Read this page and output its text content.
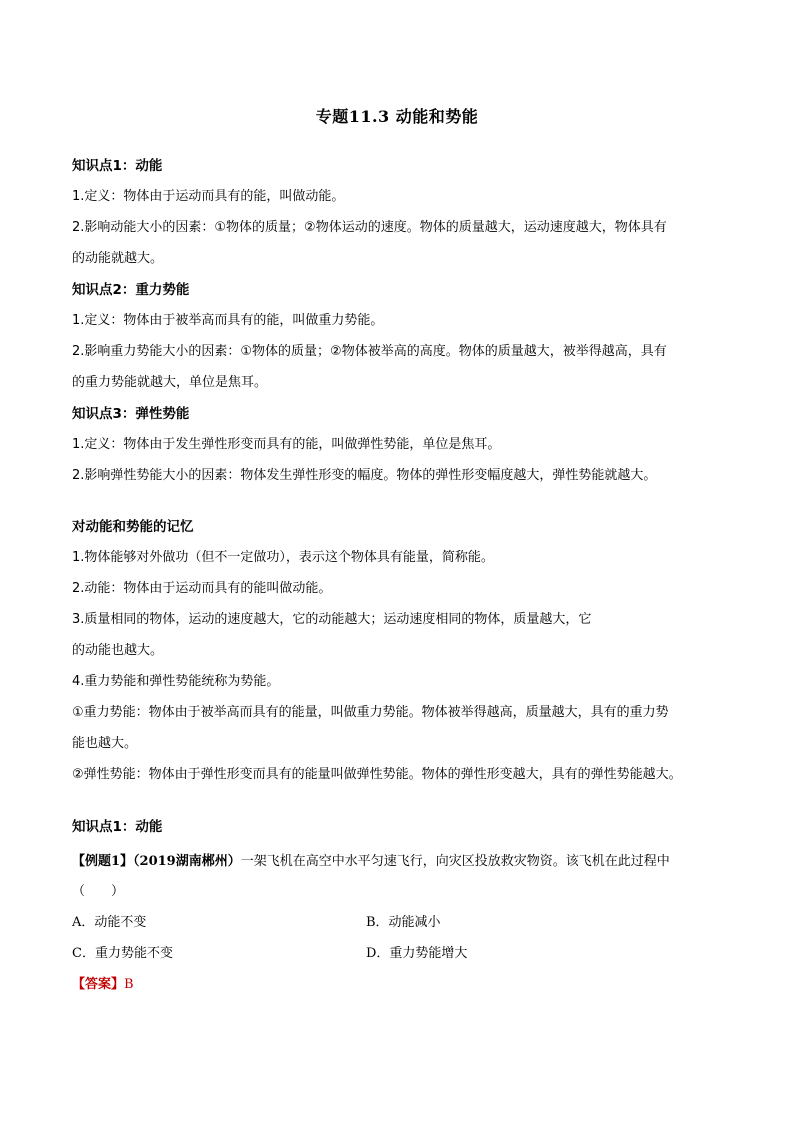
专题11.3 动能和势能
知识点1：动能
1.定义：物体由于运动而具有的能，叫做动能。
2.影响动能大小的因素：①物体的质量；②物体运动的速度。物体的质量越大，运动速度越大，物体具有
的动能就越大。
知识点2：重力势能
1.定义：物体由于被举高而具有的能，叫做重力势能。
2.影响重力势能大小的因素：①物体的质量；②物体被举高的高度。物体的质量越大，被举得越高，具有
的重力势能就越大，单位是焦耳。
知识点3：弹性势能
1.定义：物体由于发生弹性形变而具有的能，叫做弹性势能，单位是焦耳。
2.影响弹性势能大小的因素：物体发生弹性形变的幅度。物体的弹性形变幅度越大，弹性势能就越大。
对动能和势能的记忆
1.物体能够对外做功（但不一定做功），表示这个物体具有能量，简称能。
2.动能：物体由于运动而具有的能叫做动能。
3.质量相同的物体，运动的速度越大，它的动能越大；运动速度相同的物体，质量越大，它
的动能也越大。
4.重力势能和弹性势能统称为势能。
①重力势能：物体由于被举高而具有的能量，叫做重力势能。物体被举得越高，质量越大，具有的重力势
能也越大。
②弹性势能：物体由于弹性形变而具有的能量叫做弹性势能。物体的弹性形变越大，具有的弹性势能越大。
知识点1：动能
【例题1】（2019湖南郴州）一架飞机在高空中水平匀速飞行，向灾区投放救灾物资。该飞机在此过程中
（　　）
A．动能不变	B．动能减小
C．重力势能不变	D．重力势能增大
【答案】B
